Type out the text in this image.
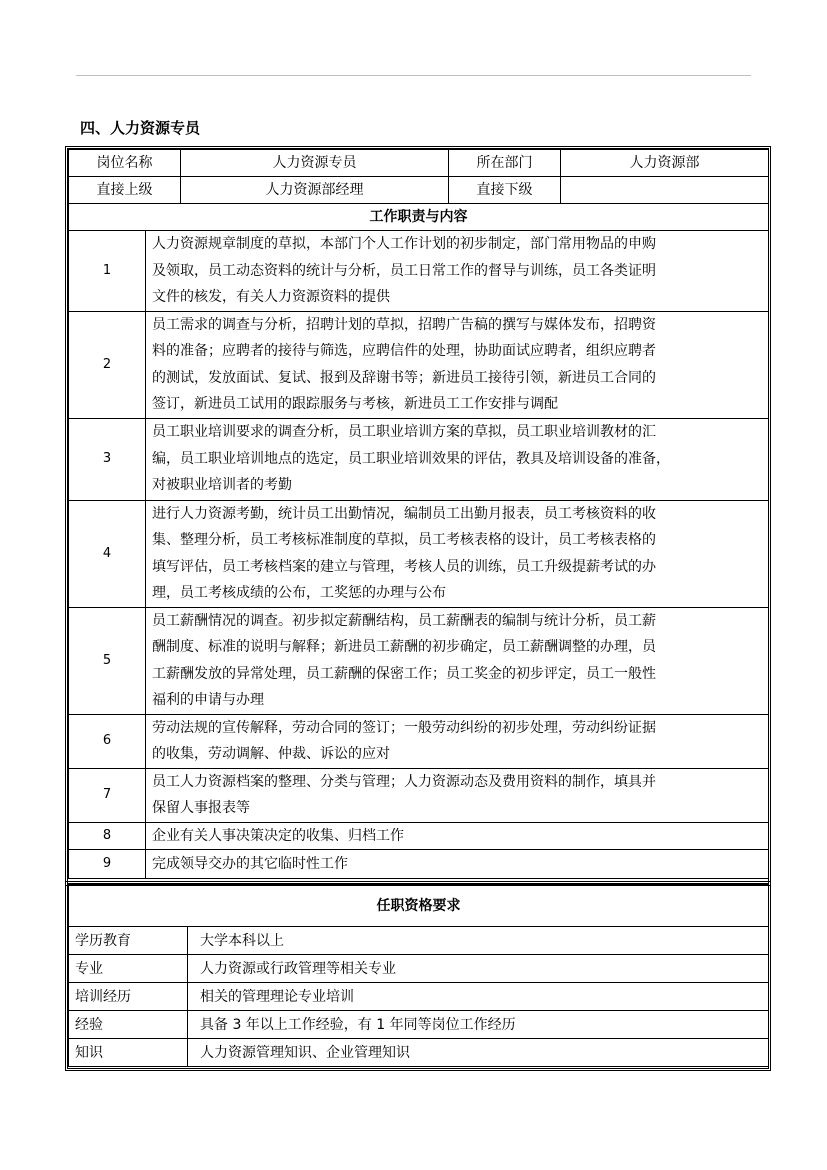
四、人力资源专员
岗位名称		人力资源专员	所在部门	人力资源部
直接上级		人力资源部经理	直接下级	
工作职责与内容				
1	人力资源规章制度的草拟，本部门个人工作计划的初步制定，部门常用物品的申购
及领取，员工动态资料的统计与分析，员工日常工作的督导与训练，员工各类证明
文件的核发，有关人力资源资料的提供			

2	员工需求的调查与分析，招聘计划的草拟，招聘广告稿的撰写与媒体发布，招聘资
料的准备；应聘者的接待与筛选，应聘信件的处理，协助面试应聘者，组织应聘者
的测试，发放面试、复试、报到及辞谢书等；新进员工接待引领，新进员工合同的
签订，新进员工试用的跟踪服务与考核，新进员工工作安排与调配			

3	员工职业培训要求的调查分析，员工职业培训方案的草拟，员工职业培训教材的汇
编，员工职业培训地点的选定，员工职业培训效果的评估，教具及培训设备的准备，
对被职业培训者的考勤			

4	进行人力资源考勤，统计员工出勤情况，编制员工出勤月报表，员工考核资料的收
集、整理分析，员工考核标准制度的草拟，员工考核表格的设计，员工考核表格的
填写评估，员工考核档案的建立与管理，考核人员的训练，员工升级提薪考试的办
理，员工考核成绩的公布，工奖惩的办理与公布			

5	员工薪酬情况的调查。初步拟定薪酬结构，员工薪酬表的编制与统计分析，员工薪
酬制度、标准的说明与解释；新进员工薪酬的初步确定，员工薪酬调整的办理，员
工薪酬发放的异常处理，员工薪酬的保密工作；员工奖金的初步评定，员工一般性
福利的申请与办理			

6	劳动法规的宣传解释，劳动合同的签订；一般劳动纠纷的初步处理，劳动纠纷证据
的收集，劳动调解、仲裁、诉讼的应对			

7	员工人力资源档案的整理、分类与管理；人力资源动态及费用资料的制作，填具并
保留人事报表等			

8	企业有关人事决策决定的收集、归档工作			

9	完成领导交办的其它临时性工作			
任职资格要求	
学历教育	大学本科以上
专业	人力资源或行政管理等相关专业
培训经历	相关的管理理论专业培训
经验	具备 3 年以上工作经验，有 1 年同等岗位工作经历
知识	人力资源管理知识、企业管理知识
